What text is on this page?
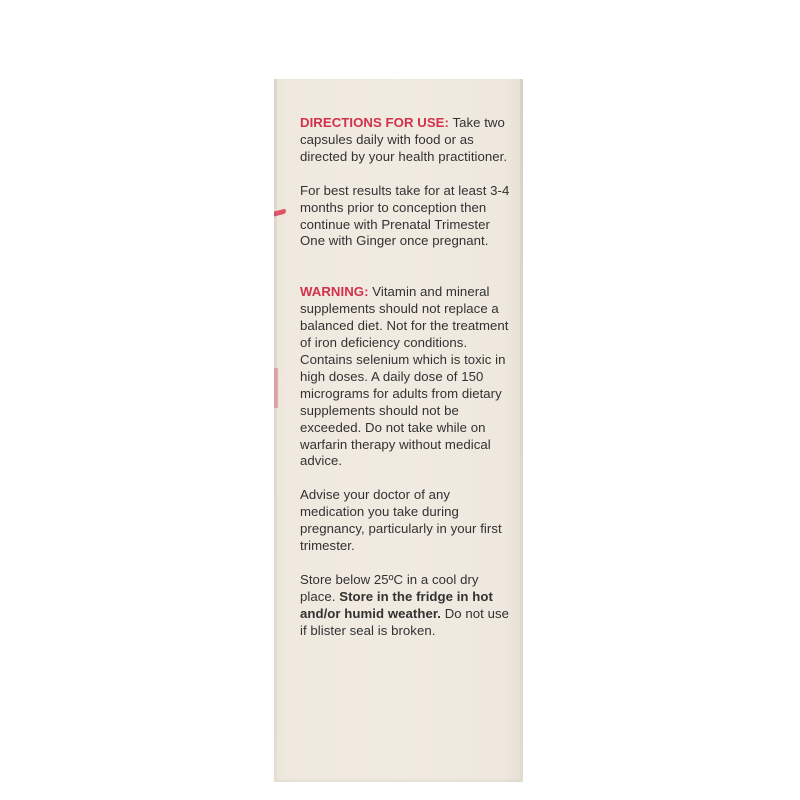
DIRECTIONS FOR USE: Take two capsules daily with food or as directed by your health practitioner.

For best results take for at least 3-4 months prior to conception then continue with Prenatal Trimester One with Ginger once pregnant.

WARNING: Vitamin and mineral supplements should not replace a balanced diet. Not for the treatment of iron deficiency conditions. Contains selenium which is toxic in high doses. A daily dose of 150 micrograms for adults from dietary supplements should not be exceeded. Do not take while on warfarin therapy without medical advice.

Advise your doctor of any medication you take during pregnancy, particularly in your first trimester.

Store below 25ºC in a cool dry place. Store in the fridge in hot and/or humid weather. Do not use if blister seal is broken.
